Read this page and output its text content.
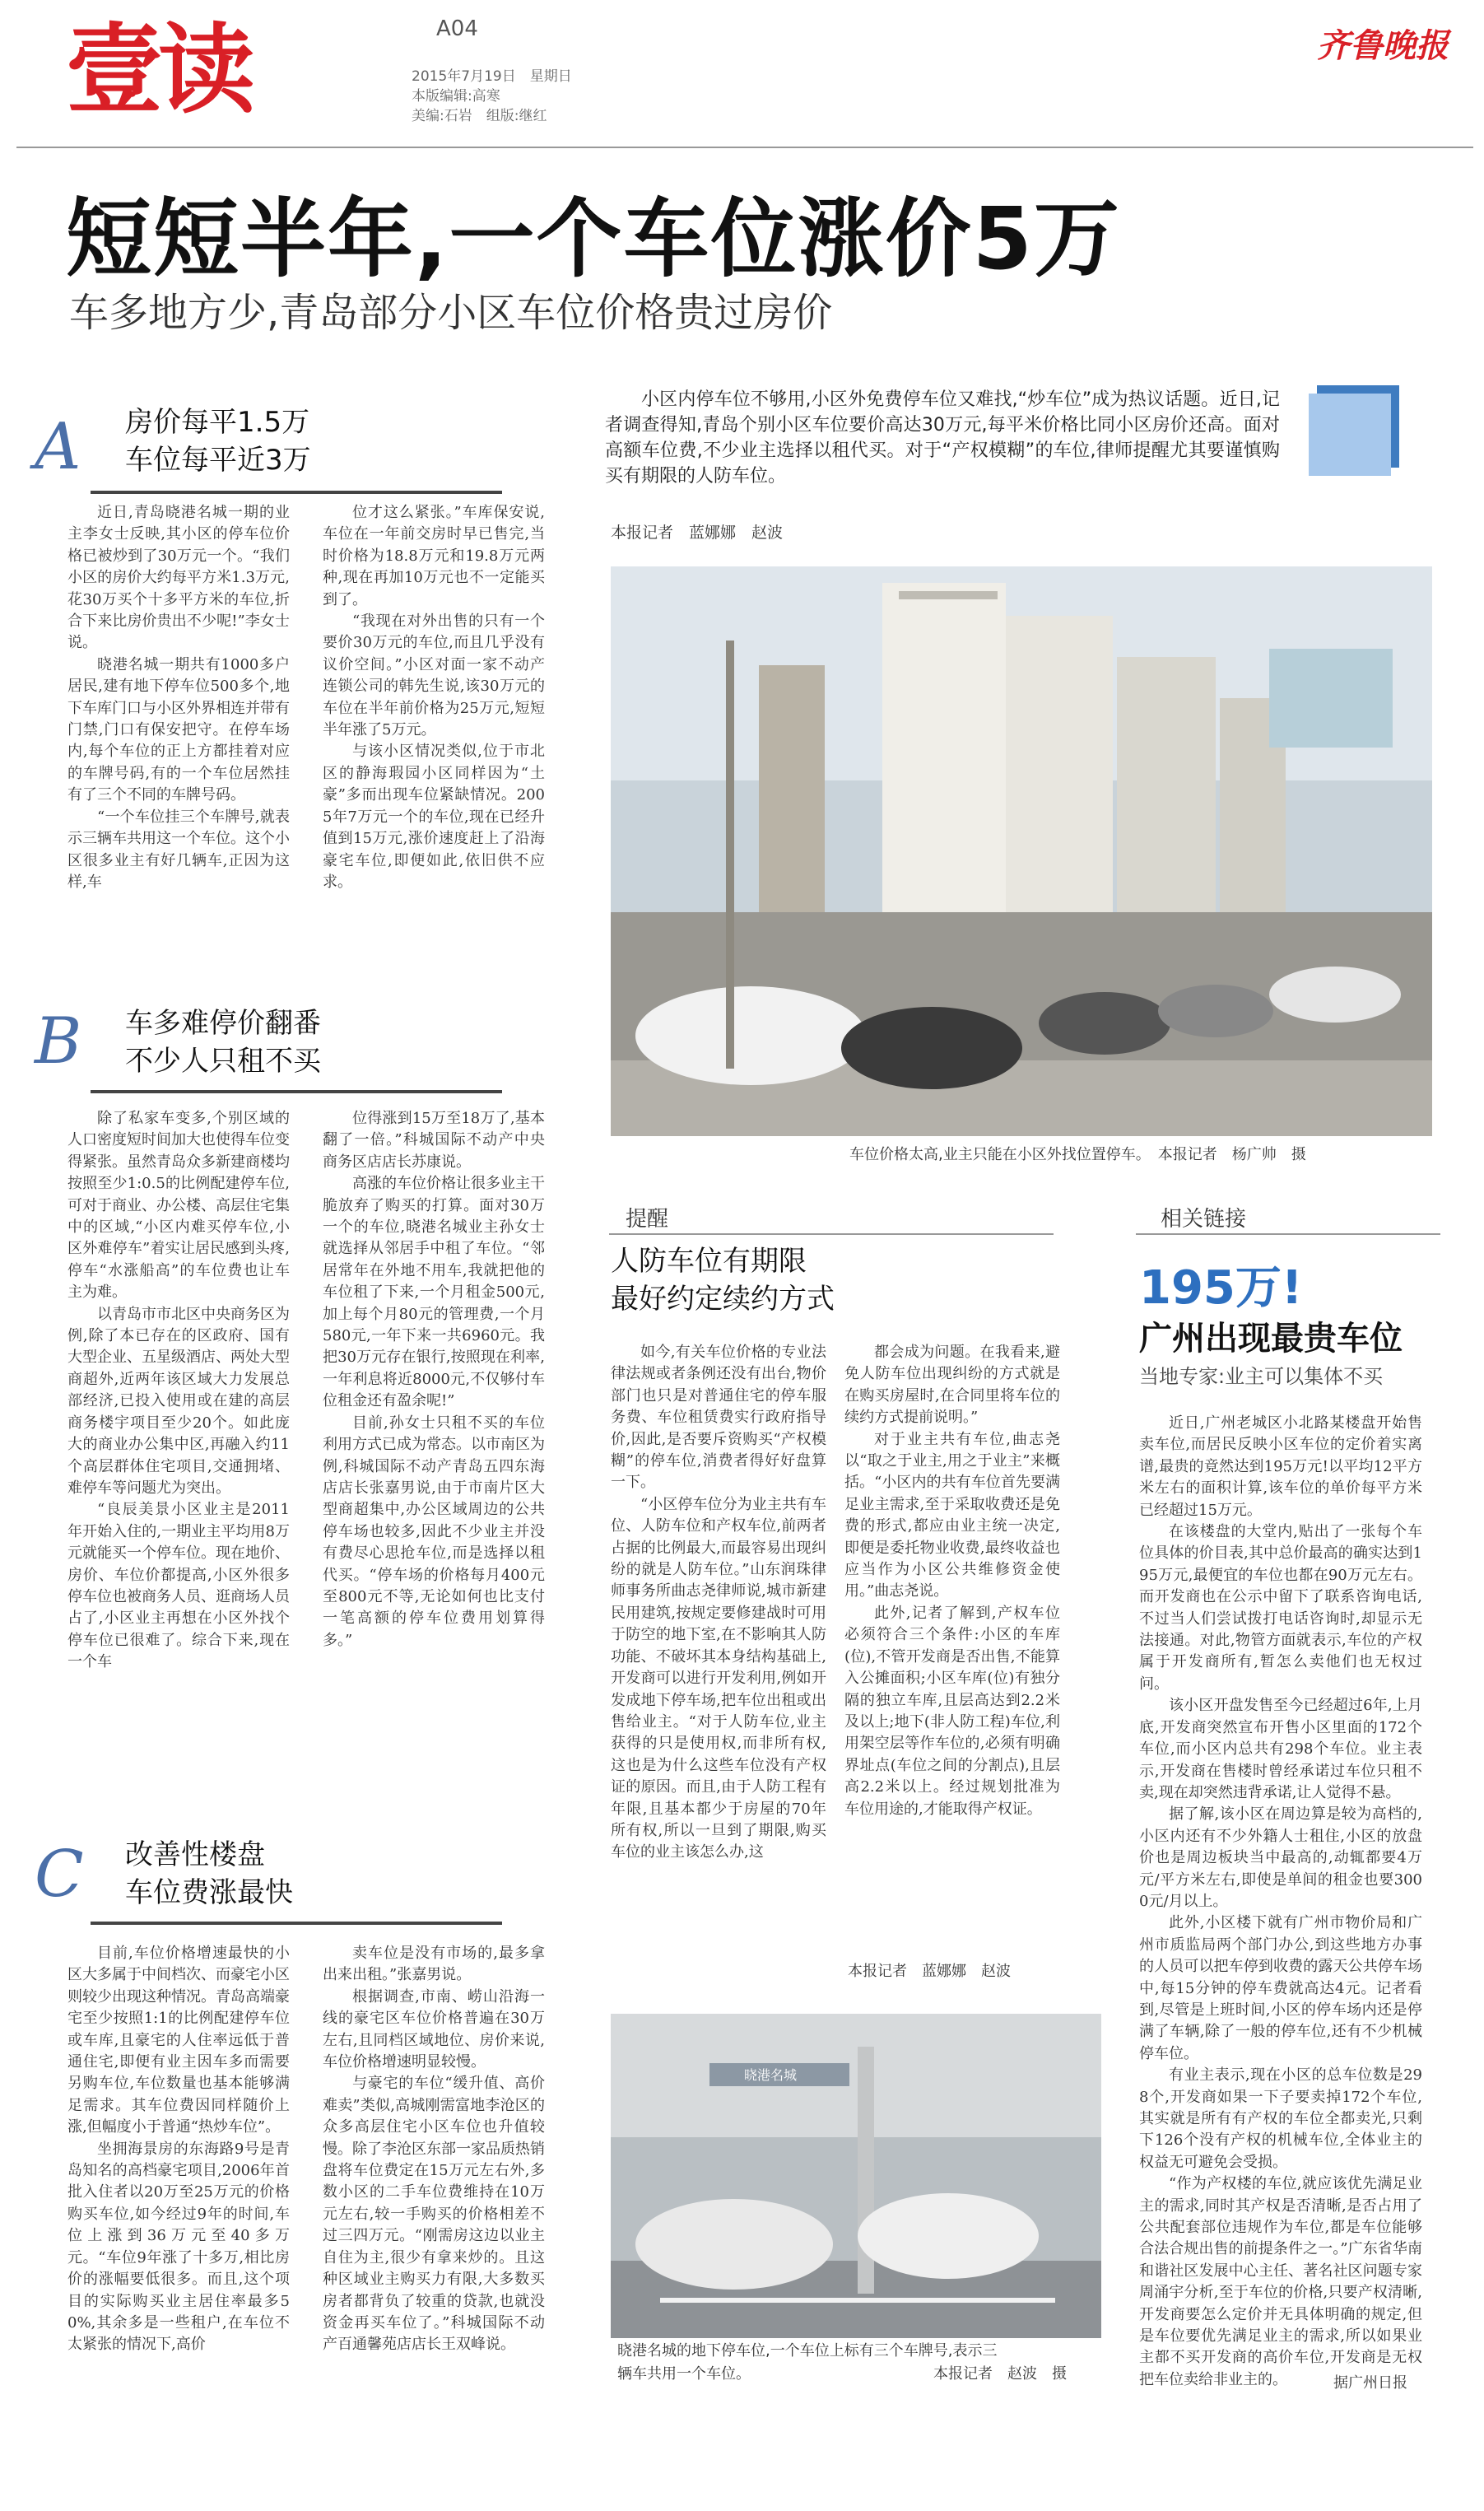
壹读	A04
2015年7月19日　星期日
本版编辑:高寒
美编:石岩　组版:继红
齐鲁晚报
短短半年,一个车位涨价5万
车多地方少,青岛部分小区车位价格贵过房价

小区内停车位不够用,小区外免费停车位又难找,“炒车位”成为热议话题。近日,记者调查得知,青岛个别小区车位要价高达30万元,每平米价格比同小区房价还高。面对高额车位费,不少业主选择以租代买。对于“产权模糊”的车位,律师提醒尤其要谨慎购买有期限的人防车位。

本报记者　蓝娜娜　赵波
车位价格太高,业主只能在小区外找位置停车。　本报记者　杨广帅　摄
A 房价每平1.5万
车位每平近3万

近日,青岛晓港名城一期的业主李女士反映,其小区的停车位价格已被炒到了30万元一个。“我们小区的房价大约每平方米1.3万元,花30万买个十多平方米的车位,折合下来比房价贵出不少呢!”李女士说。

晓港名城一期共有1000多户居民,建有地下停车位500多个,地下车库门口与小区外界相连并带有门禁,门口有保安把守。在停车场内,每个车位的正上方都挂着对应的车牌号码,有的一个车位居然挂有了三个不同的车牌号码。

“一个车位挂三个车牌号,就表示三辆车共用这一个车位。这个小区很多业主有好几辆车,正因为这样,车

位才这么紧张。”车库保安说,车位在一年前交房时早已售完,当时价格为18.8万元和19.8万元两种,现在再加10万元也不一定能买到了。

“我现在对外出售的只有一个要价30万元的车位,而且几乎没有议价空间。”小区对面一家不动产连锁公司的韩先生说,该30万元的车位在半年前价格为25万元,短短半年涨了5万元。

与该小区情况类似,位于市北区的静海瑕园小区同样因为“土豪”多而出现车位紧缺情况。2005年7万元一个的车位,现在已经升值到15万元,涨价速度赶上了沿海豪宅车位,即便如此,依旧供不应求。

B 车多难停价翻番
不少人只租不买

除了私家车变多,个别区域的人口密度短时间加大也使得车位变得紧张。虽然青岛众多新建商楼均按照至少1:0.5的比例配建停车位,可对于商业、办公楼、高层住宅集中的区域,“小区内难买停车位,小区外难停车”着实让居民感到头疼,停车“水涨船高”的车位费也让车主为难。

以青岛市市北区中央商务区为例,除了本已存在的区政府、国有大型企业、五星级酒店、两处大型商超外,近两年该区域大力发展总部经济,已投入使用或在建的高层商务楼宇项目至少20个。如此庞大的商业办公集中区,再融入约11个高层群体住宅项目,交通拥堵、难停车等问题尤为突出。

“良辰美景小区业主是2011年开始入住的,一期业主平均用8万元就能买一个停车位。现在地价、房价、车位价都提高,小区外很多停车位也被商务人员、逛商场人员占了,小区业主再想在小区外找个停车位已很难了。综合下来,现在一个车

位得涨到15万至18万了,基本翻了一倍。”科城国际不动产中央商务区店店长苏康说。

高涨的车位价格让很多业主干脆放弃了购买的打算。面对30万一个的车位,晓港名城业主孙女士就选择从邻居手中租了车位。“邻居常年在外地不用车,我就把他的车位租了下来,一个月租金500元,加上每个月80元的管理费,一个月580元,一年下来一共6960元。我把30万元存在银行,按照现在利率,一年利息将近8000元,不仅够付车位租金还有盈余呢!”

目前,孙女士只租不买的车位利用方式已成为常态。以市南区为例,科城国际不动产青岛五四东海店店长张嘉男说,由于市南片区大型商超集中,办公区域周边的公共停车场也较多,因此不少业主并没有费尽心思抢车位,而是选择以租代买。“停车场的价格每月400元至800元不等,无论如何也比支付一笔高额的停车位费用划算得多。”

C 改善性楼盘
车位费涨最快

目前,车位价格增速最快的小区大多属于中间档次、而豪宅小区则较少出现这种情况。青岛高端豪宅至少按照1:1的比例配建停车位或车库,且豪宅的人住率远低于普通住宅,即便有业主因车多而需要另购车位,车位数量也基本能够满足需求。其车位费因同样随价上涨,但幅度小于普通“热炒车位”。

坐拥海景房的东海路9号是青岛知名的高档豪宅项目,2006年首批入住者以20万至25万元的价格购买车位,如今经过9年的时间,车位上涨到36万元至40多万元。“车位9年涨了十多万,相比房价的涨幅要低很多。而且,这个项目的实际购买业主居住率最多50%,其余多是一些租户,在车位不太紧张的情况下,高价

卖车位是没有市场的,最多拿出来出租。”张嘉男说。

根据调查,市南、崂山沿海一线的豪宅区车位价格普遍在30万左右,且同档区域地位、房价来说,车位价格增速明显较慢。

与豪宅的车位“缓升值、高价难卖”类似,高城刚需富地李沧区的众多高层住宅小区车位也升值较慢。除了李沧区东部一家品质热销盘将车位费定在15万元左右外,多数小区的二手车位费维持在10万元左右,较一手购买的价格相差不过三四万元。“刚需房这边以业主自住为主,很少有拿来炒的。且这种区域业主购买力有限,大多数买房者都背负了较重的贷款,也就没资金再买车位了。”科城国际不动产百通馨苑店店长王双峰说。

提醒
人防车位有期限
最好约定续约方式

如今,有关车位价格的专业法律法规或者条例还没有出台,物价部门也只是对普通住宅的停车服务费、车位租赁费实行政府指导价,因此,是否要斥资购买“产权模糊”的停车位,消费者得好好盘算一下。

“小区停车位分为业主共有车位、人防车位和产权车位,前两者占据的比例最大,而最容易出现纠纷的就是人防车位。”山东润珠律师事务所曲志尧律师说,城市新建民用建筑,按规定要修建战时可用于防空的地下室,在不影响其人防功能、不破坏其本身结构基础上,开发商可以进行开发利用,例如开发成地下停车场,把车位出租或出售给业主。“对于人防车位,业主获得的只是使用权,而非所有权,这也是为什么这些车位没有产权证的原因。而且,由于人防工程有年限,且基本都少于房屋的70年所有权,所以一旦到了期限,购买车位的业主该怎么办,这

都会成为问题。在我看来,避免人防车位出现纠纷的方式就是在购买房屋时,在合同里将车位的续约方式提前说明。”

对于业主共有车位,曲志尧以“取之于业主,用之于业主”来概括。“小区内的共有车位首先要满足业主需求,至于采取收费还是免费的形式,都应由业主统一决定,即便是委托物业收费,最终收益也应当作为小区公共维修资金使用。”曲志尧说。

此外,记者了解到,产权车位必须符合三个条件:小区的车库(位),不管开发商是否出售,不能算入公摊面积;小区车库(位)有独分隔的独立车库,且层高达到2.2米及以上;地下(非人防工程)车位,利用架空层等作车位的,必须有明确界址点(车位之间的分割点),且层高2.2米以上。经过规划批准为车位用途的,才能取得产权证。

本报记者　蓝娜娜　赵波
晓港名城
晓港名城的地下停车位,一个车位上标有三个车牌号,表示三
辆车共用一个车位。	本报记者　赵波　摄
相关链接
195万!
广州出现最贵车位
当地专家:业主可以集体不买

近日,广州老城区小北路某楼盘开始售卖车位,而居民反映小区车位的定价着实离谱,最贵的竟然达到195万元!以平均12平方米左右的面积计算,该车位的单价每平方米已经超过15万元。

在该楼盘的大堂内,贴出了一张每个车位具体的价目表,其中总价最高的确实达到195万元,最便宜的车位也都在90万元左右。而开发商也在公示中留下了联系咨询电话,不过当人们尝试拨打电话咨询时,却显示无法接通。对此,物管方面就表示,车位的产权属于开发商所有,暂怎么卖他们也无权过问。

该小区开盘发售至今已经超过6年,上月底,开发商突然宣布开售小区里面的172个车位,而小区内总共有298个车位。业主表示,开发商在售楼时曾经承诺过车位只租不卖,现在却突然违背承诺,让人觉得不悬。

据了解,该小区在周边算是较为高档的,小区内还有不少外籍人士租住,小区的放盘价也是周边板块当中最高的,动辄都要4万元/平方米左右,即使是单间的租金也要3000元/月以上。

此外,小区楼下就有广州市物价局和广州市质监局两个部门办公,到这些地方办事的人员可以把车停到收费的露天公共停车场中,每15分钟的停车费就高达4元。记者看到,尽管是上班时间,小区的停车场内还是停满了车辆,除了一般的停车位,还有不少机械停车位。

有业主表示,现在小区的总车位数是298个,开发商如果一下子要卖掉172个车位,其实就是所有有产权的车位全都卖光,只剩下126个没有产权的机械车位,全体业主的权益无可避免会受损。

“作为产权楼的车位,就应该优先满足业主的需求,同时其产权是否清晰,是否占用了公共配套部位违规作为车位,都是车位能够合法合规出售的前提条件之一。”广东省华南和谐社区发展中心主任、著名社区问题专家周涌宇分析,至于车位的价格,只要产权清晰,开发商要怎么定价并无具体明确的规定,但是车位要优先满足业主的需求,所以如果业主都不买开发商的高价车位,开发商是无权把车位卖给非业主的。	据广州日报
